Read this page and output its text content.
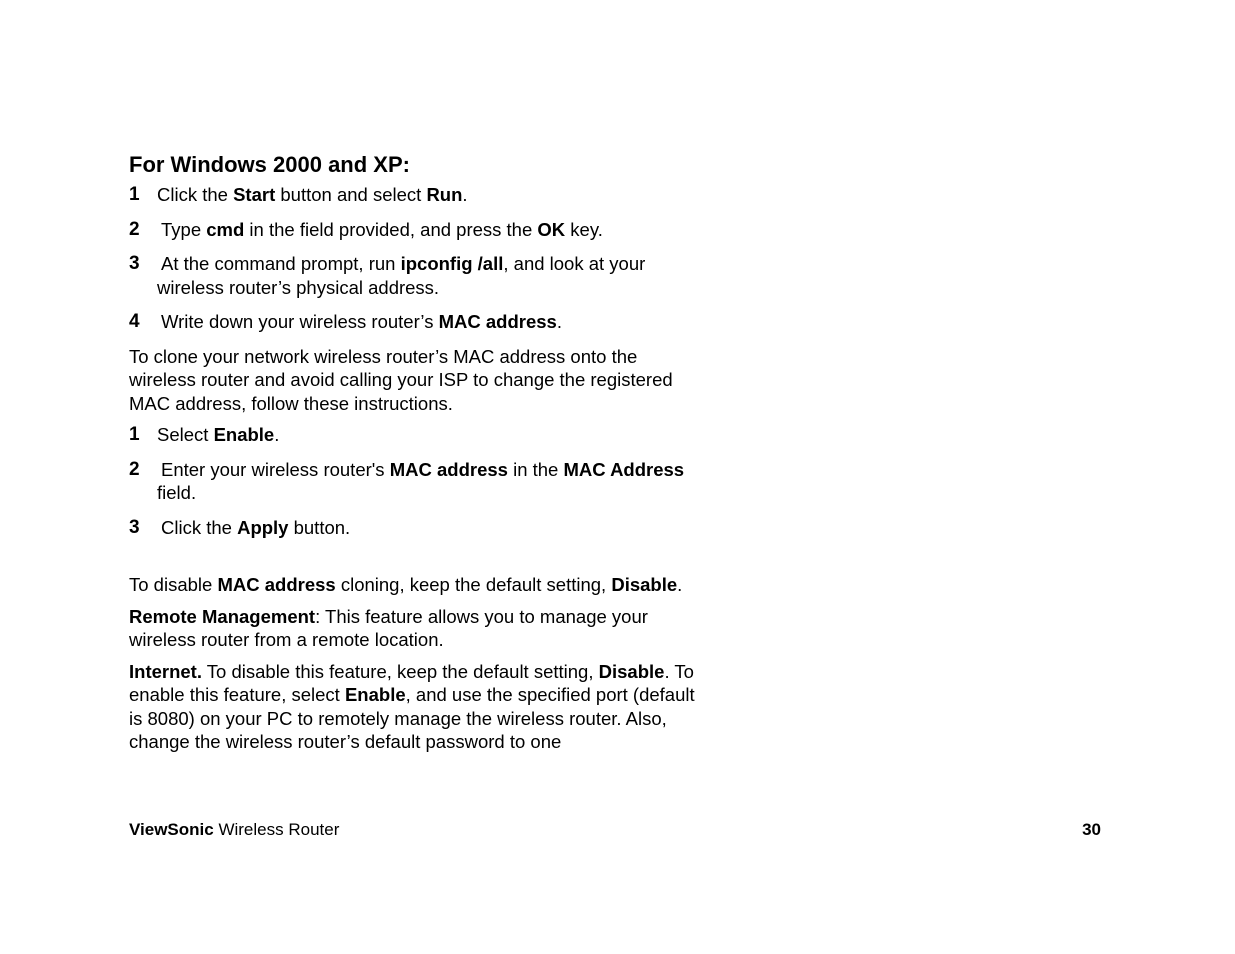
For Windows 2000 and XP:
1 Click the Start button and select Run.
2 Type cmd in the field provided, and press the OK key.
3 At the command prompt, run ipconfig /all, and look at your wireless router’s physical address.
4 Write down your wireless router’s MAC address.

To clone your network wireless router’s MAC address onto the wireless router and avoid calling your ISP to change the registered MAC address, follow these instructions.

1 Select Enable.
2 Enter your wireless router's MAC address in the MAC Address field.
3 Click the Apply button.

To disable MAC address cloning, keep the default setting, Disable.

Remote Management: This feature allows you to manage your wireless router from a remote location.

Internet. To disable this feature, keep the default setting, Disable. To enable this feature, select Enable, and use the specified port (default is 8080) on your PC to remotely manage the wireless router. Also, change the wireless router’s default password to one

ViewSonic Wireless Router	30
